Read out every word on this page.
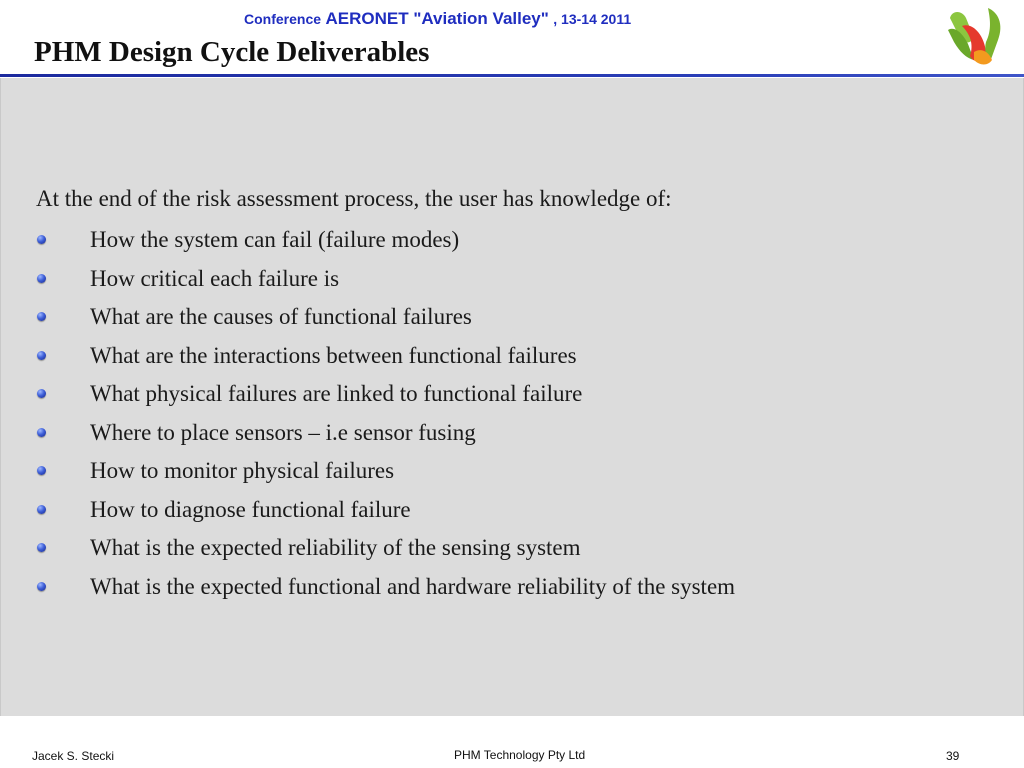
Conference AERONET "Aviation Valley" , 13-14 2011
PHM Design Cycle Deliverables

At the end of the risk assessment process, the user has knowledge of:

How the system can fail (failure modes)
How critical each failure is
What are the causes of functional failures
What are the interactions between functional failures
What physical failures are linked to functional failure
Where to place sensors – i.e sensor fusing
How to monitor physical failures
How to diagnose functional failure
What is the expected reliability of the sensing system
What is the expected functional and hardware reliability of the system
Jacek S. Stecki	PHM Technology Pty Ltd	39
